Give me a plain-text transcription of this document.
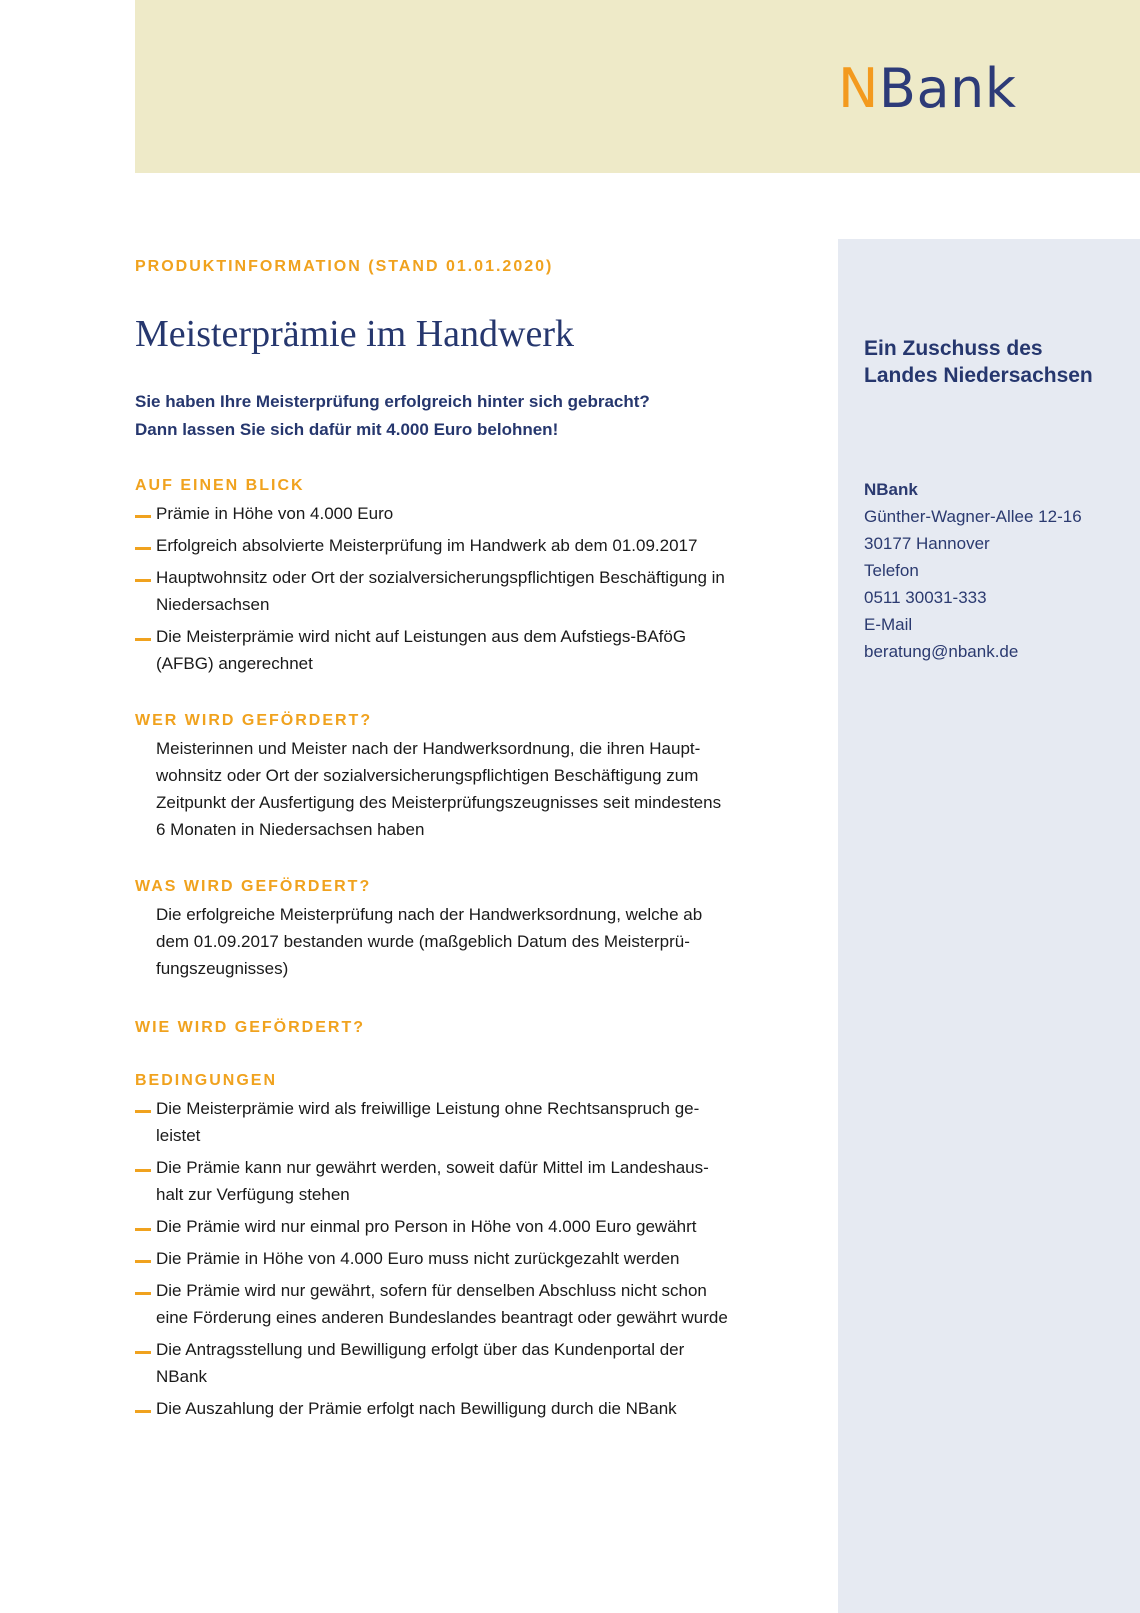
NBank
Ein Zuschuss des
Landes Niedersachsen
NBank
Günther-Wagner-Allee 12-16
30177 Hannover
Telefon
0511 30031-333
E-Mail
beratung@nbank.de

PRODUKTINFORMATION (STAND 01.01.2020)

Meisterprämie im Handwerk
Sie haben Ihre Meisterprüfung erfolgreich hinter sich gebracht?
Dann lassen Sie sich dafür mit 4.000 Euro belohnen!
AUF EINEN BLICK
Prämie in Höhe von 4.000 Euro
Erfolgreich absolvierte Meisterprüfung im Handwerk ab dem 01.09.2017
Hauptwohnsitz oder Ort der sozialversicherungspflichtigen Beschäftigung in Niedersachsen
Die Meisterprämie wird nicht auf Leistungen aus dem Aufstiegs-BAföG (AFBG) angerechnet
WER WIRD GEFÖRDERT?
Meisterinnen und Meister nach der Handwerksordnung, die ihren Haupt-wohnsitz oder Ort der sozialversicherungspflichtigen Beschäftigung zum Zeitpunkt der Ausfertigung des Meisterprüfungszeugnisses seit mindestens 6 Monaten in Niedersachsen haben
WAS WIRD GEFÖRDERT?
Die erfolgreiche Meisterprüfung nach der Handwerksordnung, welche ab dem 01.09.2017 bestanden wurde (maßgeblich Datum des Meisterprü-fungszeugnisses)
WIE WIRD GEFÖRDERT?
BEDINGUNGEN
Die Meisterprämie wird als freiwillige Leistung ohne Rechtsanspruch ge-leistet
Die Prämie kann nur gewährt werden, soweit dafür Mittel im Landeshaus-halt zur Verfügung stehen
Die Prämie wird nur einmal pro Person in Höhe von 4.000 Euro gewährt
Die Prämie in Höhe von 4.000 Euro muss nicht zurückgezahlt werden
Die Prämie wird nur gewährt, sofern für denselben Abschluss nicht schon eine Förderung eines anderen Bundeslandes beantragt oder gewährt wurde
Die Antragsstellung und Bewilligung erfolgt über das Kundenportal der NBank
Die Auszahlung der Prämie erfolgt nach Bewilligung durch die NBank
